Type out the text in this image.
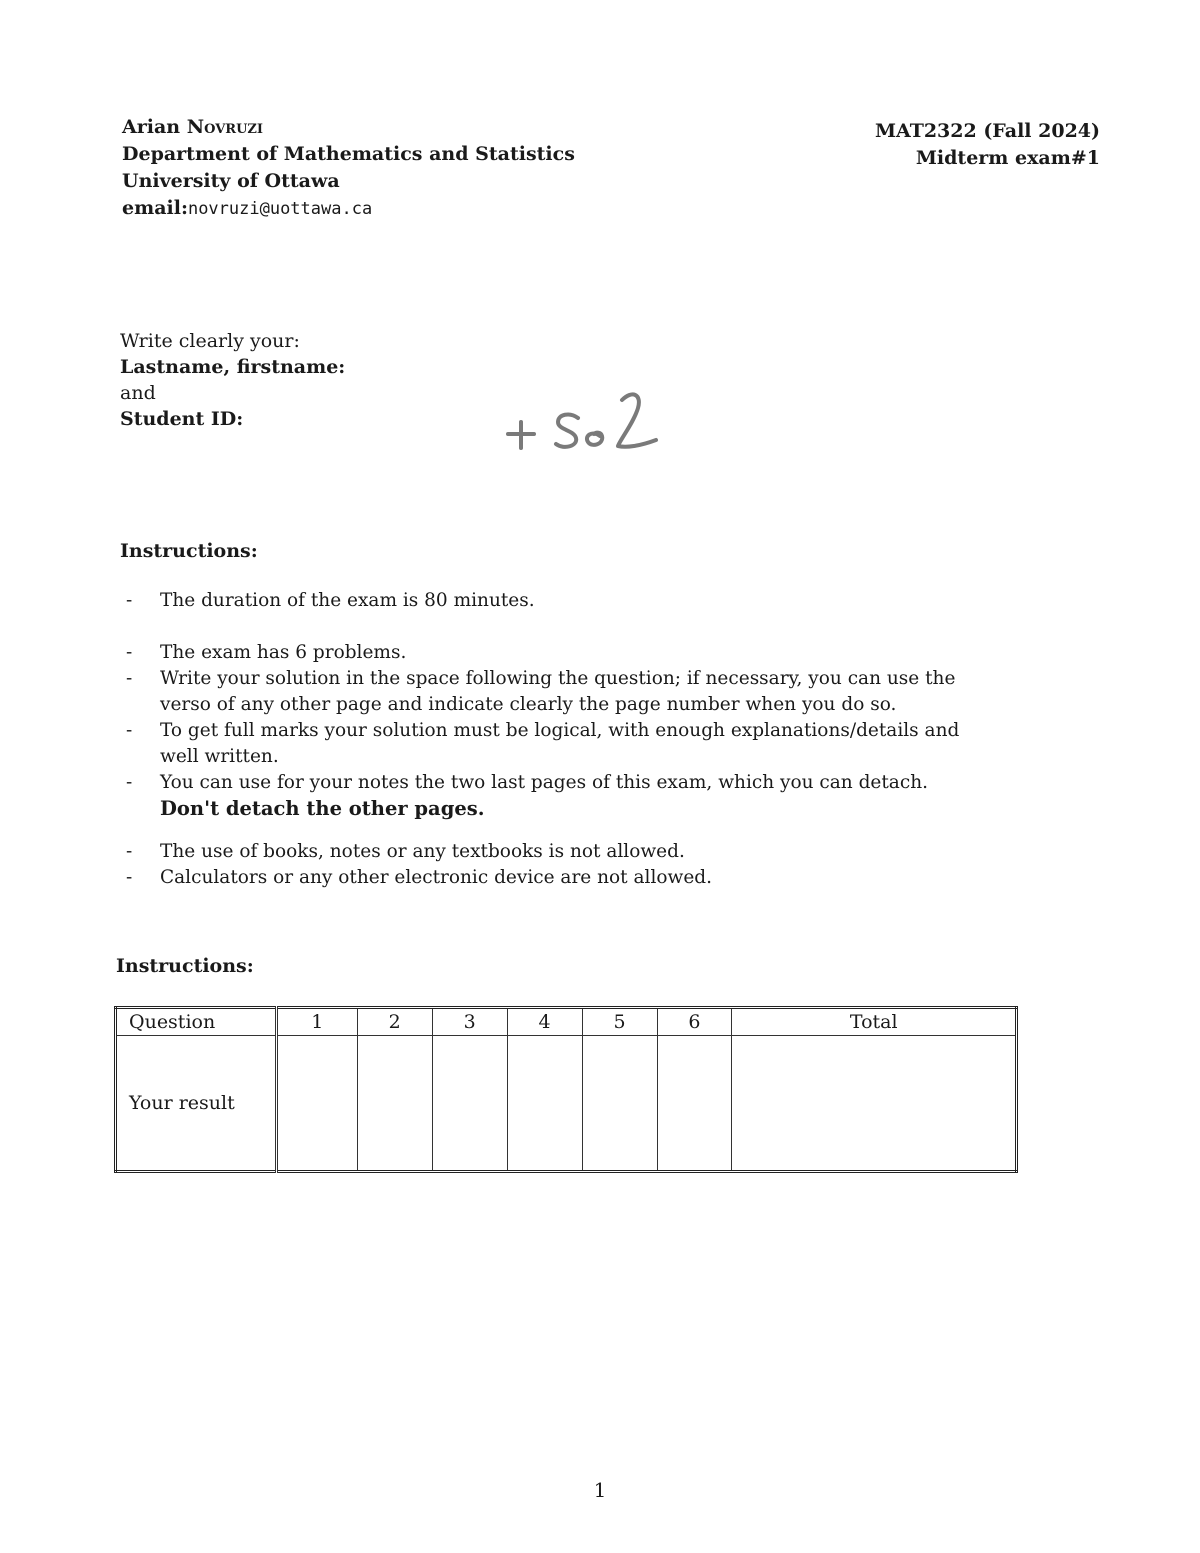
Arian Novruzi
Department of Mathematics and Statistics
University of Ottawa
email:novruzi@uottawa.ca
MAT2322 (Fall 2024)
Midterm exam#1
Write clearly your:
Lastname, firstname:
and
Student ID:
Instructions:
-	The duration of the exam is 80 minutes.
-	The exam has 6 problems.
-	Write your solution in the space following the question; if necessary, you can use the verso of any other page and indicate clearly the page number when you do so.
-	To get full marks your solution must be logical, with enough explanations/details and well written.
-	You can use for your notes the two last pages of this exam, which you can detach.
Don't detach the other pages.
-	The use of books, notes or any textbooks is not allowed.
-	Calculators or any other electronic device are not allowed.
Instructions:
Question	1	2	3	4	5	6	Total
Your result							
1
